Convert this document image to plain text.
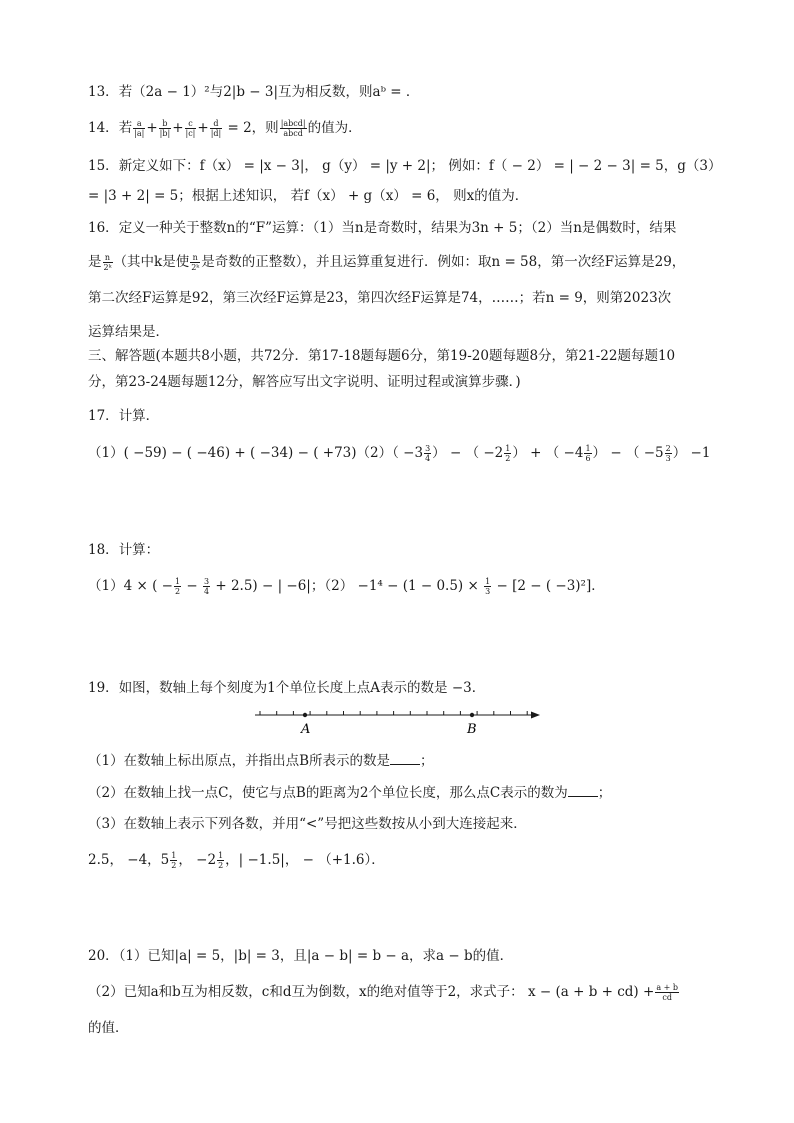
13．若（2a − 1）²与2|b − 3|互为相反数，则aᵇ = ．
14．若 $\frac{a}{|a|} + \frac{b}{|b|} + \frac{c}{|c|} + \frac{d}{|d|} = 2$，则 $\frac{\text{|abcd|}}{\text{abcd}}$ 的值为．
15．新定义如下：f（x） = |x − 3|， g（y） = |y + 2|； 例如：f（ − 2） = | − 2 − 3| = 5，g（3）
= |3 + 2| = 5；根据上述知识， 若f（x） + g（x） = 6， 则x的值为．
16．定义一种关于整数n的“F”运算：（1）当n是奇数时，结果为3n + 5；（2）当n是偶数时，结果
是 $\frac{n}{\text{2ᵏ}}$ （其中k是使 $\frac{n}{\text{2ᵏ}}$ 是奇数的正整数），并且运算重复进行．例如：取n = 58，第一次经F运算是29，
第二次经F运算是92，第三次经F运算是23，第四次经F运算是74，……；若n = 9，则第2023次
运算结果是．
三、解答题(本题共8小题，共72分．第17-18题每题6分，第19-20题每题8分，第21-22题每题10
分，第23-24题每题12分，解答应写出文字说明、证明过程或演算步骤．)
17．计算．
（1）( −59) − ( −46) + ( −34) − ( $+73)(2)( -3 \frac{3}{4}$ ） − （ $-2 \frac{1}{2}$ ） + （ $-4 \frac{1}{6}$ ） − （ $-5 \frac{2}{3}$ ） −1
18．计算：
（1）4 × ( − $\frac{1}{2} - \frac{3}{4} + 2.5$) − | −6|；$(2) -1^4 - (1 - 0.5) \times \frac{1}{3} - [2$ − ( −3)²]．
19．如图，数轴上每个刻度为1个单位长度上点A表示的数是 −3．
A	B
（1）在数轴上标出原点，并指出点B所表示的数是 ；
（2）在数轴上找一点C，使它与点B的距离为2个单位长度，那么点C表示的数为 ；
（3）在数轴上表示下列各数，并用“<”号把这些数按从小到大连接起来．
2.5， −4，$5 \frac{1}{2}$ ， $-2 \frac{1}{2}$ ，| −1.5|， − （+1.6）．
20．（1）已知|a| = 5，|b| = 3，且|a − b| = b − a，求a − b的值．
（2）已知a和b互为相反数，c和d互为倒数，x的绝对值等于2，求式子： $x - (a + b + cd) + \frac{a + b}{cd}$
的值．
